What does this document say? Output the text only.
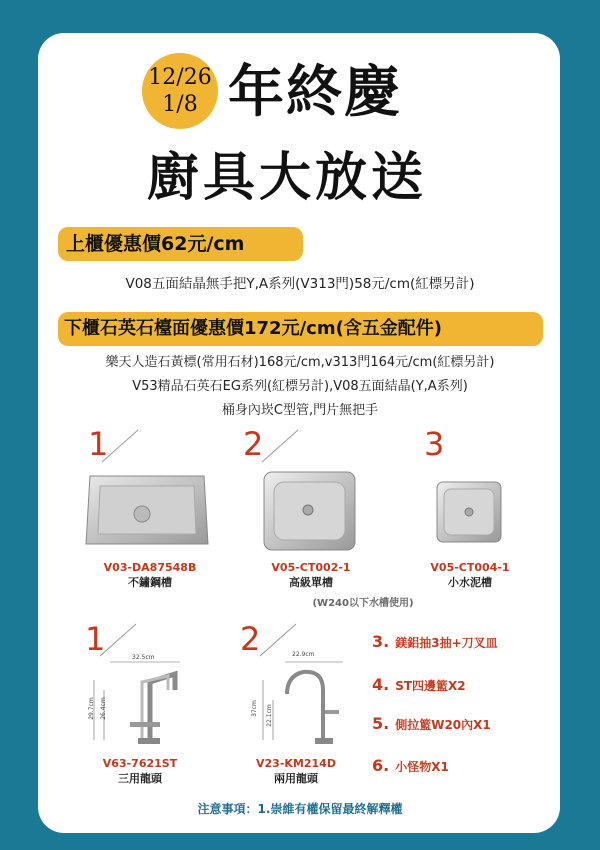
12/26
1/8 年終慶
廚具大放送
上櫃優惠價62元/cm
V08五面結晶無手把Y,A系列(V313門)58元/cm(紅標另計)
下櫃石英石檯面優惠價172元/cm(含五金配件)
樂天人造石黃標(常用石材)168元/cm,v313門164元/cm(紅標另計)
V53精品石英石EG系列(紅標另計),V08五面結晶(Y,A系列)
桶身內崁C型管,門片無把手
1	2	3
V03-DA87548B
不鏽鋼槽
V05-CT002-1
高級單槽
(W240以下水槽使用)
V05-CT004-1
小水泥槽
1	2
32.5cm
29.7cm 26.4cm
22.9cm
37cm 22.1cm
V63-7621ST
三用龍頭
V23-KM214D
兩用龍頭
3. 鎂鋁抽3抽+刀叉皿
4. ST四邊籃X2
5. 側拉籃W20內X1
6. 小怪物X1
注意事項：1.崇維有權保留最終解釋權
